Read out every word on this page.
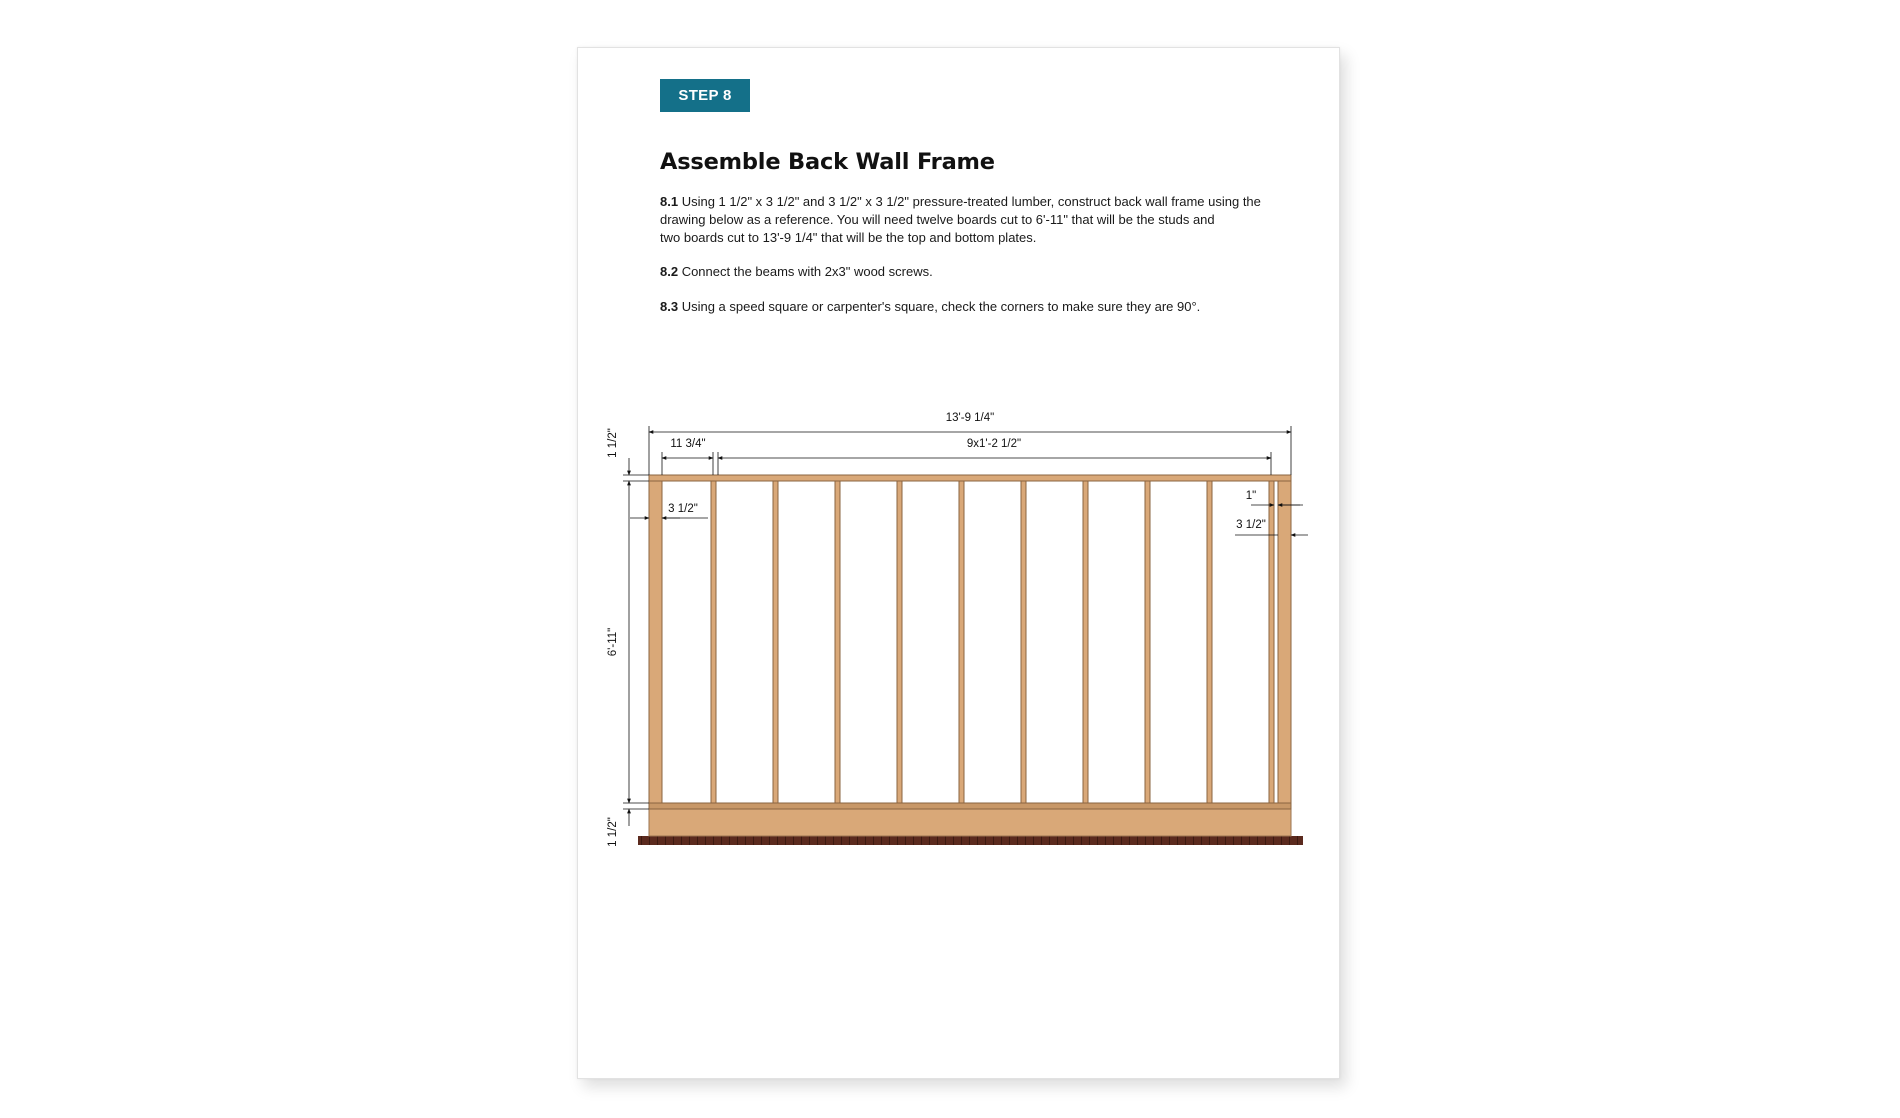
STEP 8
Assemble Back Wall Frame

8.1 Using 1 1/2" x 3 1/2" and 3 1/2" x 3 1/2" pressure-treated lumber, construct back wall frame using the
drawing below as a reference. You will need twelve boards cut to 6'-11" that will be the studs and
two boards cut to 13'-9 1/4" that will be the top and bottom plates.

8.2 Connect the beams with 2x3" wood screws.

8.3 Using a speed square or carpenter's square, check the corners to make sure they are 90°.

13'-9 1/4"
11 3/4"	9x1'-2 1/2"
3 1/2"
1"
3 1/2"
1 1/2"
6'-11"
1 1/2"
